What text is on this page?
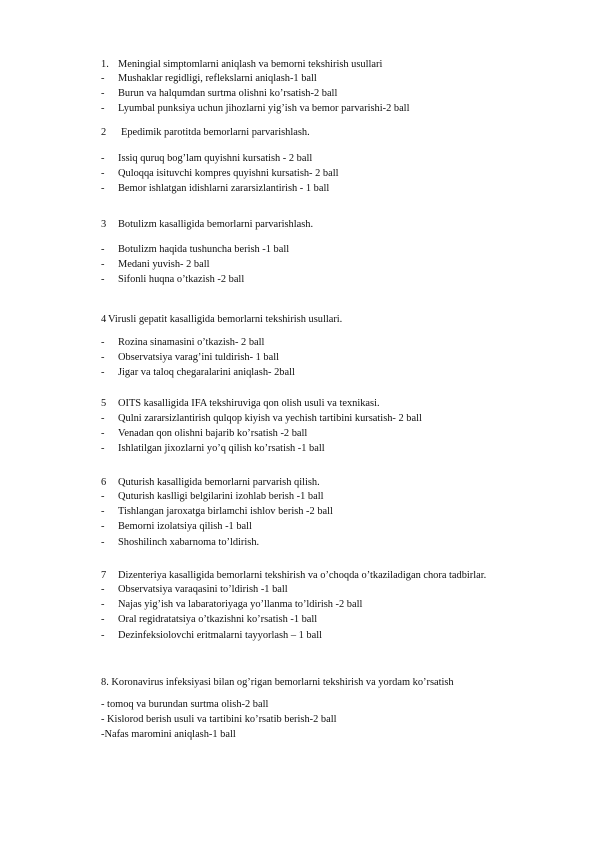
1. Meningial simptomlarni aniqlash va bemorni tekshirish usullari
- Mushaklar regidligi, reflekslarni aniqlash-1 ball
- Burun va halqumdan surtma olishni ko’rsatish-2 ball
- Lyumbal punksiya uchun jihozlarni yig’ish va bemor parvarishi-2 ball
2 Epedimik parotitda bemorlarni parvarishlash.
- Issiq quruq bog’lam quyishni kursatish - 2 ball
- Quloqqa isituvchi kompres quyishni kursatish- 2 ball
- Bemor ishlatgan idishlarni zararsizlantirish - 1 ball
3 Botulizm kasalligida bemorlarni parvarishlash.
- Botulizm haqida tushuncha berish -1 ball
- Medani yuvish- 2 ball
- Sifonli huqna o’tkazish -2 ball
4 Virusli gepatit kasalligida bemorlarni tekshirish usullari.
- Rozina sinamasini o’tkazish- 2 ball
- Observatsiya varag’ini tuldirish- 1 ball
- Jigar va taloq chegaralarini aniqlash- 2ball
5 OITS kasalligida IFA tekshiruviga qon olish usuli va texnikasi.
- Qulni zararsizlantirish qulqop kiyish va yechish tartibini kursatish- 2 ball
- Venadan qon olishni bajarib ko’rsatish -2 ball
- Ishlatilgan jixozlarni yo’q qilish ko’rsatish -1 ball
6 Quturish kasalligida bemorlarni parvarish qilish.
- Quturish kaslligi belgilarini izohlab berish -1 ball
- Tishlangan jaroxatga birlamchi ishlov berish -2 ball
- Bemorni izolatsiya qilish -1 ball
- Shoshilinch xabarnoma to’ldirish.
7 Dizenteriya kasalligida bemorlarni tekshirish va o’choqda o’tkaziladigan chora tadbirlar.
- Observatsiya varaqasini to’ldirish -1 ball
- Najas yig’ish va labaratoriyaga yo’llanma to’ldirish -2 ball
- Oral regidratatsiya o’tkazishni ko’rsatish -1 ball
- Dezinfeksiolovchi eritmalarni tayyorlash – 1 ball
8. Koronavirus infeksiyasi bilan og’rigan bemorlarni tekshirish va yordam ko’rsatish
- tomoq va burundan surtma olish-2 ball
- Kislorod berish usuli va tartibini ko’rsatib berish-2 ball
-Nafas maromini aniqlash-1 ball
